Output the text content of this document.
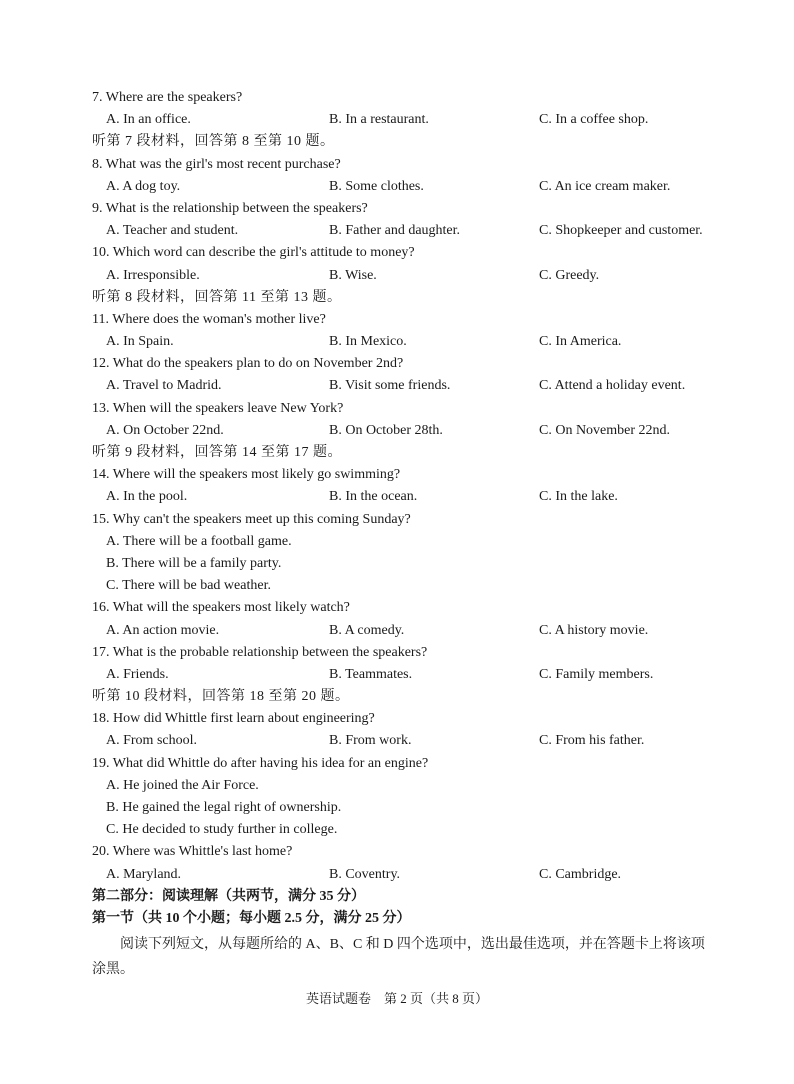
7. Where are the speakers?
A. In an office.	B. In a restaurant.	C. In a coffee shop.
听第 7 段材料，回答第 8 至第 10 题。
8. What was the girl's most recent purchase?
A. A dog toy.	B. Some clothes.	C. An ice cream maker.
9. What is the relationship between the speakers?
A. Teacher and student.	B. Father and daughter.	C. Shopkeeper and customer.
10. Which word can describe the girl's attitude to money?
A. Irresponsible.	B. Wise.	C. Greedy.
听第 8 段材料，回答第 11 至第 13 题。
11. Where does the woman's mother live?
A. In Spain.	B. In Mexico.	C. In America.
12. What do the speakers plan to do on November 2nd?
A. Travel to Madrid.	B. Visit some friends.	C. Attend a holiday event.
13. When will the speakers leave New York?
A. On October 22nd.	B. On October 28th.	C. On November 22nd.
听第 9 段材料，回答第 14 至第 17 题。
14. Where will the speakers most likely go swimming?
A. In the pool.	B. In the ocean.	C. In the lake.
15. Why can't the speakers meet up this coming Sunday?
A. There will be a football game.
B. There will be a family party.
C. There will be bad weather.
16. What will the speakers most likely watch?
A. An action movie.	B. A comedy.	C. A history movie.
17. What is the probable relationship between the speakers?
A. Friends.	B. Teammates.	C. Family members.
听第 10 段材料，回答第 18 至第 20 题。
18. How did Whittle first learn about engineering?
A. From school.	B. From work.	C. From his father.
19. What did Whittle do after having his idea for an engine?
A. He joined the Air Force.
B. He gained the legal right of ownership.
C. He decided to study further in college.
20. Where was Whittle's last home?
A. Maryland.	B. Coventry.	C. Cambridge.
第二部分：阅读理解（共两节，满分 35 分）
第一节（共 10 个小题；每小题 2.5 分，满分 25 分）
阅读下列短文，从每题所给的 A、B、C 和 D 四个选项中，选出最佳选项，并在答题卡上将该项涂黑。
英语试题卷　第 2 页（共 8 页）
